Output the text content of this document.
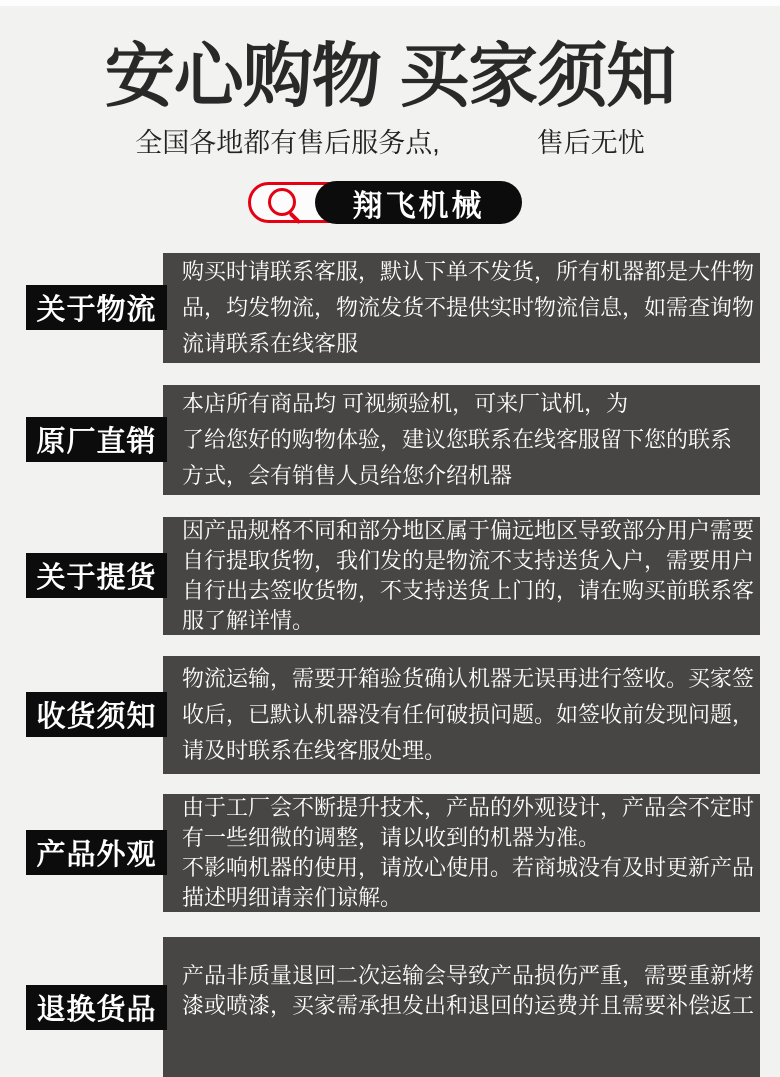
安心购物 买家须知
全国各地都有售后服务点,	售后无忧
翔飞机械
购买时请联系客服，默认下单不发货，所有机器都是大件物
品，均发物流，物流发货不提供实时物流信息，如需查询物
流请联系在线客服
关于物流
本店所有商品均 可视频验机，可来厂试机，为
了给您好的购物体验，建议您联系在线客服留下您的联系
方式，会有销售人员给您介绍机器
原厂直销
因产品规格不同和部分地区属于偏远地区导致部分用户需要
自行提取货物，我们发的是物流不支持送货入户，需要用户
自行出去签收货物，不支持送货上门的，请在购买前联系客
服了解详情。
关于提货
物流运输，需要开箱验货确认机器无误再进行签收。买家签
收后，已默认机器没有任何破损问题。如签收前发现问题，
请及时联系在线客服处理。
收货须知
由于工厂会不断提升技术，产品的外观设计，产品会不定时
有一些细微的调整，请以收到的机器为准。
不影响机器的使用，请放心使用。若商城没有及时更新产品
描述明细请亲们谅解。
产品外观
产品非质量退回二次运输会导致产品损伤严重，需要重新烤
漆或喷漆，买家需承担发出和退回的运费并且需要补偿返工
退换货品
